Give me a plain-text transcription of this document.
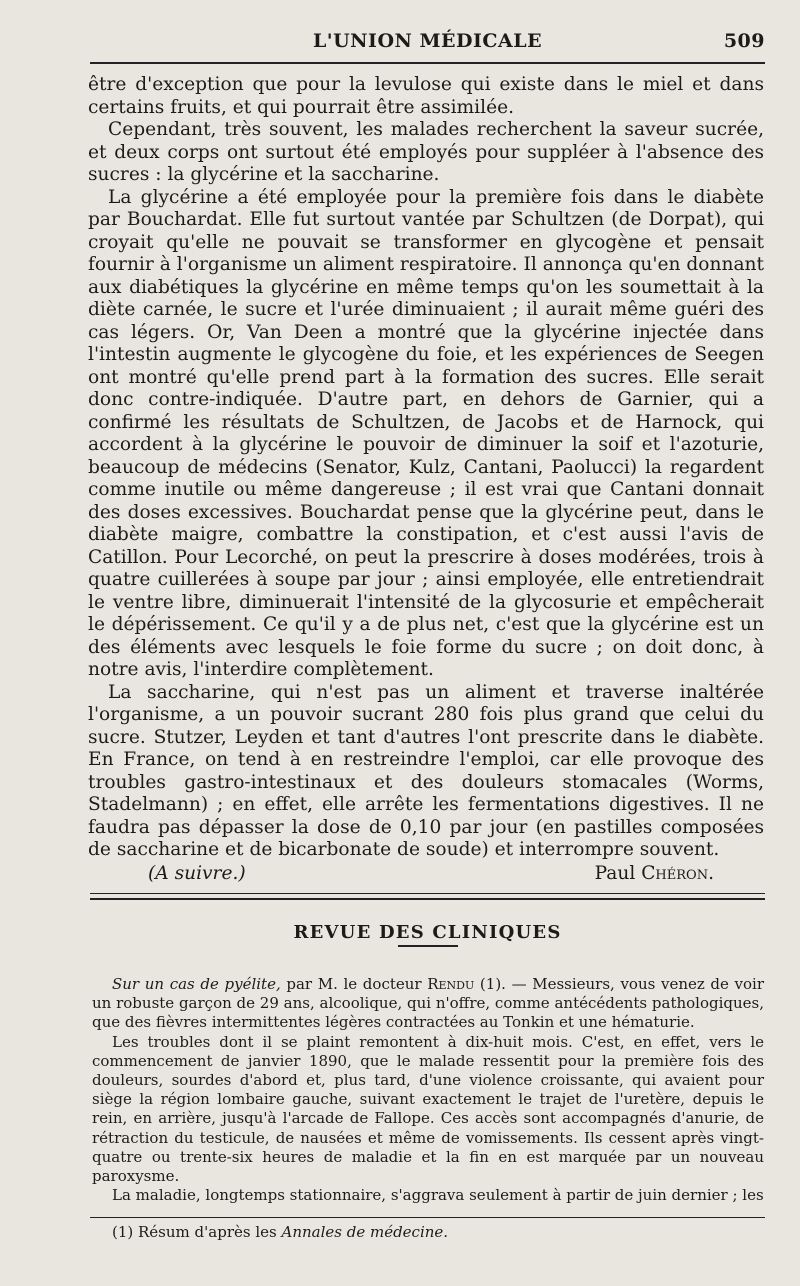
L'UNION MÉDICALE	509

être d'exception que pour la levulose qui existe dans le miel et dans certains fruits, et qui pourrait être assimilée.

Cependant, très souvent, les malades recherchent la saveur sucrée, et deux corps ont surtout été employés pour suppléer à l'absence des sucres : la glycérine et la saccharine.

La glycérine a été employée pour la première fois dans le diabète par Bouchardat. Elle fut surtout vantée par Schultzen (de Dorpat), qui croyait qu'elle ne pouvait se transformer en glycogène et pensait fournir à l'organisme un aliment respiratoire. Il annonça qu'en donnant aux diabétiques la glycérine en même temps qu'on les soumettait à la diète carnée, le sucre et l'urée diminuaient ; il aurait même guéri des cas légers. Or, Van Deen a montré que la glycérine injectée dans l'intestin augmente le glycogène du foie, et les expériences de Seegen ont montré qu'elle prend part à la formation des sucres. Elle serait donc contre-indiquée. D'autre part, en dehors de Garnier, qui a confirmé les résultats de Schultzen, de Jacobs et de Harnock, qui accordent à la glycérine le pouvoir de diminuer la soif et l'azoturie, beaucoup de médecins (Senator, Kulz, Cantani, Paolucci) la regardent comme inutile ou même dangereuse ; il est vrai que Cantani donnait des doses excessives. Bouchardat pense que la glycérine peut, dans le diabète maigre, combattre la constipation, et c'est aussi l'avis de Catillon. Pour Lecorché, on peut la prescrire à doses modérées, trois à quatre cuillerées à soupe par jour ; ainsi employée, elle entretiendrait le ventre libre, diminuerait l'intensité de la glycosurie et empêcherait le dépérissement. Ce qu'il y a de plus net, c'est que la glycérine est un des éléments avec lesquels le foie forme du sucre ; on doit donc, à notre avis, l'interdire complètement.

La saccharine, qui n'est pas un aliment et traverse inaltérée l'organisme, a un pouvoir sucrant 280 fois plus grand que celui du sucre. Stutzer, Leyden et tant d'autres l'ont prescrite dans le diabète. En France, on tend à en restreindre l'emploi, car elle provoque des troubles gastro-intestinaux et des douleurs stomacales (Worms, Stadelmann) ; en effet, elle arrête les fermentations digestives. Il ne faudra pas dépasser la dose de 0,10 par jour (en pastilles composées de saccharine et de bicarbonate de soude) et interrompre souvent.

(A suivre.)	Paul Chéron.
REVUE DES CLINIQUES

Sur un cas de pyélite, par M. le docteur Rendu (1). — Messieurs, vous venez de voir un robuste garçon de 29 ans, alcoolique, qui n'offre, comme antécédents pathologiques, que des fièvres intermittentes légères contractées au Tonkin et une hématurie.

Les troubles dont il se plaint remontent à dix-huit mois. C'est, en effet, vers le commencement de janvier 1890, que le malade ressentit pour la première fois des douleurs, sourdes d'abord et, plus tard, d'une violence croissante, qui avaient pour siège la région lombaire gauche, suivant exactement le trajet de l'uretère, depuis le rein, en arrière, jusqu'à l'arcade de Fallope. Ces accès sont accompagnés d'anurie, de rétraction du testicule, de nausées et même de vomissements. Ils cessent après vingt-quatre ou trente-six heures de maladie et la fin en est marquée par un nouveau paroxysme.

La maladie, longtemps stationnaire, s'aggrava seulement à partir de juin dernier ; les

(1) Résum d'après les Annales de médecine.
